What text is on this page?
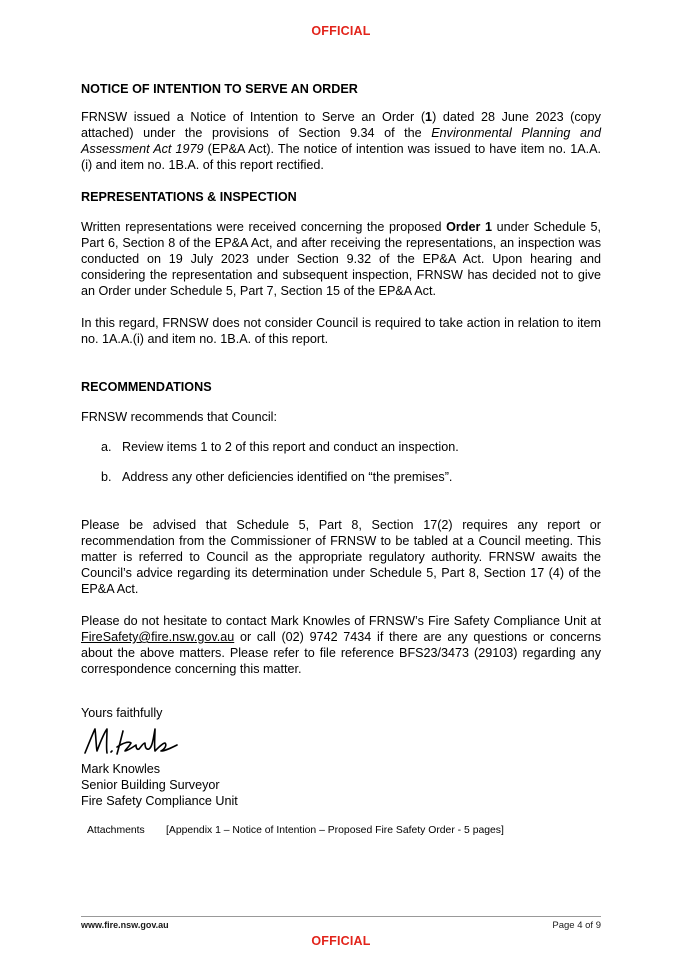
OFFICIAL
NOTICE OF INTENTION TO SERVE AN ORDER

FRNSW issued a Notice of Intention to Serve an Order (1) dated 28 June 2023 (copy attached) under the provisions of Section 9.34 of the Environmental Planning and Assessment Act 1979 (EP&A Act). The notice of intention was issued to have item no. 1A.A.(i) and item no. 1B.A. of this report rectified.

REPRESENTATIONS & INSPECTION

Written representations were received concerning the proposed Order 1 under Schedule 5, Part 6, Section 8 of the EP&A Act, and after receiving the representations, an inspection was conducted on 19 July 2023 under Section 9.32 of the EP&A Act. Upon hearing and considering the representation and subsequent inspection, FRNSW has decided not to give an Order under Schedule 5, Part 7, Section 15 of the EP&A Act.

In this regard, FRNSW does not consider Council is required to take action in relation to item no. 1A.A.(i) and item no. 1B.A. of this report.

RECOMMENDATIONS

FRNSW recommends that Council:

a. Review items 1 to 2 of this report and conduct an inspection.
b. Address any other deficiencies identified on “the premises”.

Please be advised that Schedule 5, Part 8, Section 17(2) requires any report or recommendation from the Commissioner of FRNSW to be tabled at a Council meeting. This matter is referred to Council as the appropriate regulatory authority. FRNSW awaits the Council’s advice regarding its determination under Schedule 5, Part 8, Section 17 (4) of the EP&A Act.

Please do not hesitate to contact Mark Knowles of FRNSW’s Fire Safety Compliance Unit at FireSafety@fire.nsw.gov.au or call (02) 9742 7434 if there are any questions or concerns about the above matters. Please refer to file reference BFS23/3473 (29103) regarding any correspondence concerning this matter.

Yours faithfully

Mark Knowles

Senior Building Surveyor

Fire Safety Compliance Unit

Attachments	[Appendix 1 – Notice of Intention – Proposed Fire Safety Order - 5 pages]
www.fire.nsw.gov.au	Page 4 of 9
OFFICIAL
